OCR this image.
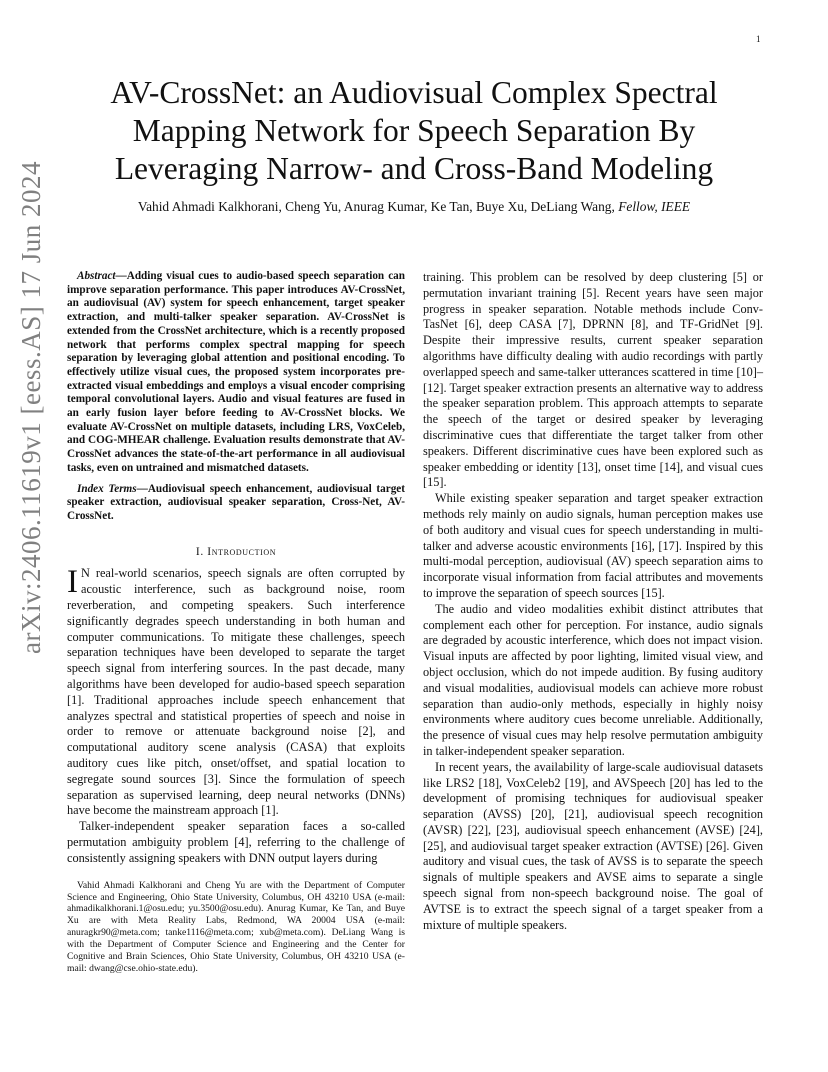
1
arXiv:2406.11619v1 [eess.AS] 17 Jun 2024
AV-CrossNet: an Audiovisual Complex Spectral
Mapping Network for Speech Separation By
Leveraging Narrow- and Cross-Band Modeling
Vahid Ahmadi Kalkhorani, Cheng Yu, Anurag Kumar, Ke Tan, Buye Xu, DeLiang Wang, Fellow, IEEE

Abstract—Adding visual cues to audio-based speech separation can improve separation performance. This paper introduces AV-CrossNet, an audiovisual (AV) system for speech enhancement, target speaker extraction, and multi-talker speaker separation. AV-CrossNet is extended from the CrossNet architecture, which is a recently proposed network that performs complex spectral mapping for speech separation by leveraging global attention and positional encoding. To effectively utilize visual cues, the proposed system incorporates pre-extracted visual embeddings and employs a visual encoder comprising temporal convolutional layers. Audio and visual features are fused in an early fusion layer before feeding to AV-CrossNet blocks. We evaluate AV-CrossNet on multiple datasets, including LRS, VoxCeleb, and COG-MHEAR challenge. Evaluation results demonstrate that AV-CrossNet advances the state-of-the-art performance in all audiovisual tasks, even on untrained and mismatched datasets.

Index Terms—Audiovisual speech enhancement, audiovisual target speaker extraction, audiovisual speaker separation, Cross-Net, AV-CrossNet.

I. Introduction

I N real-world scenarios, speech signals are often corrupted by acoustic interference, such as background noise, room reverberation, and competing speakers. Such interference significantly degrades speech understanding in both human and computer communications. To mitigate these challenges, speech separation techniques have been developed to separate the target speech signal from interfering sources. In the past decade, many algorithms have been developed for audio-based speech separation [1]. Traditional approaches include speech enhancement that analyzes spectral and statistical properties of speech and noise in order to remove or attenuate background noise [2], and computational auditory scene analysis (CASA) that exploits auditory cues like pitch, onset/offset, and spatial location to segregate sound sources [3]. Since the formulation of speech separation as supervised learning, deep neural networks (DNNs) have become the mainstream approach [1].

Talker-independent speaker separation faces a so-called permutation ambiguity problem [4], referring to the challenge of consistently assigning speakers with DNN output layers during

Vahid Ahmadi Kalkhorani and Cheng Yu are with the Department of Computer Science and Engineering, Ohio State University, Columbus, OH 43210 USA (e-mail: ahmadikalkhorani.1@osu.edu; yu.3500@osu.edu). Anurag Kumar, Ke Tan, and Buye Xu are with Meta Reality Labs, Redmond, WA 20004 USA (e-mail: anuragkr90@meta.com; tanke1116@meta.com; xub@meta.com). DeLiang Wang is with the Department of Computer Science and Engineering and the Center for Cognitive and Brain Sciences, Ohio State University, Columbus, OH 43210 USA (e-mail: dwang@cse.ohio-state.edu).

training. This problem can be resolved by deep clustering [5] or permutation invariant training [5]. Recent years have seen major progress in speaker separation. Notable methods include Conv-TasNet [6], deep CASA [7], DPRNN [8], and TF-GridNet [9]. Despite their impressive results, current speaker separation algorithms have difficulty dealing with audio recordings with partly overlapped speech and same-talker utterances scattered in time [10]–[12]. Target speaker extraction presents an alternative way to address the speaker separation problem. This approach attempts to separate the speech of the target or desired speaker by leveraging discriminative cues that differentiate the target talker from other speakers. Different discriminative cues have been explored such as speaker embedding or identity [13], onset time [14], and visual cues [15].

While existing speaker separation and target speaker extraction methods rely mainly on audio signals, human perception makes use of both auditory and visual cues for speech understanding in multi-talker and adverse acoustic environments [16], [17]. Inspired by this multi-modal perception, audiovisual (AV) speech separation aims to incorporate visual information from facial attributes and movements to improve the separation of speech sources [15].

The audio and video modalities exhibit distinct attributes that complement each other for perception. For instance, audio signals are degraded by acoustic interference, which does not impact vision. Visual inputs are affected by poor lighting, limited visual view, and object occlusion, which do not impede audition. By fusing auditory and visual modalities, audiovisual models can achieve more robust separation than audio-only methods, especially in highly noisy environments where auditory cues become unreliable. Additionally, the presence of visual cues may help resolve permutation ambiguity in talker-independent speaker separation.

In recent years, the availability of large-scale audiovisual datasets like LRS2 [18], VoxCeleb2 [19], and AVSpeech [20] has led to the development of promising techniques for audiovisual speaker separation (AVSS) [20], [21], audiovisual speech recognition (AVSR) [22], [23], audiovisual speech enhancement (AVSE) [24], [25], and audiovisual target speaker extraction (AVTSE) [26]. Given auditory and visual cues, the task of AVSS is to separate the speech signals of multiple speakers and AVSE aims to separate a single speech signal from non-speech background noise. The goal of AVTSE is to extract the speech signal of a target speaker from a mixture of multiple speakers.
